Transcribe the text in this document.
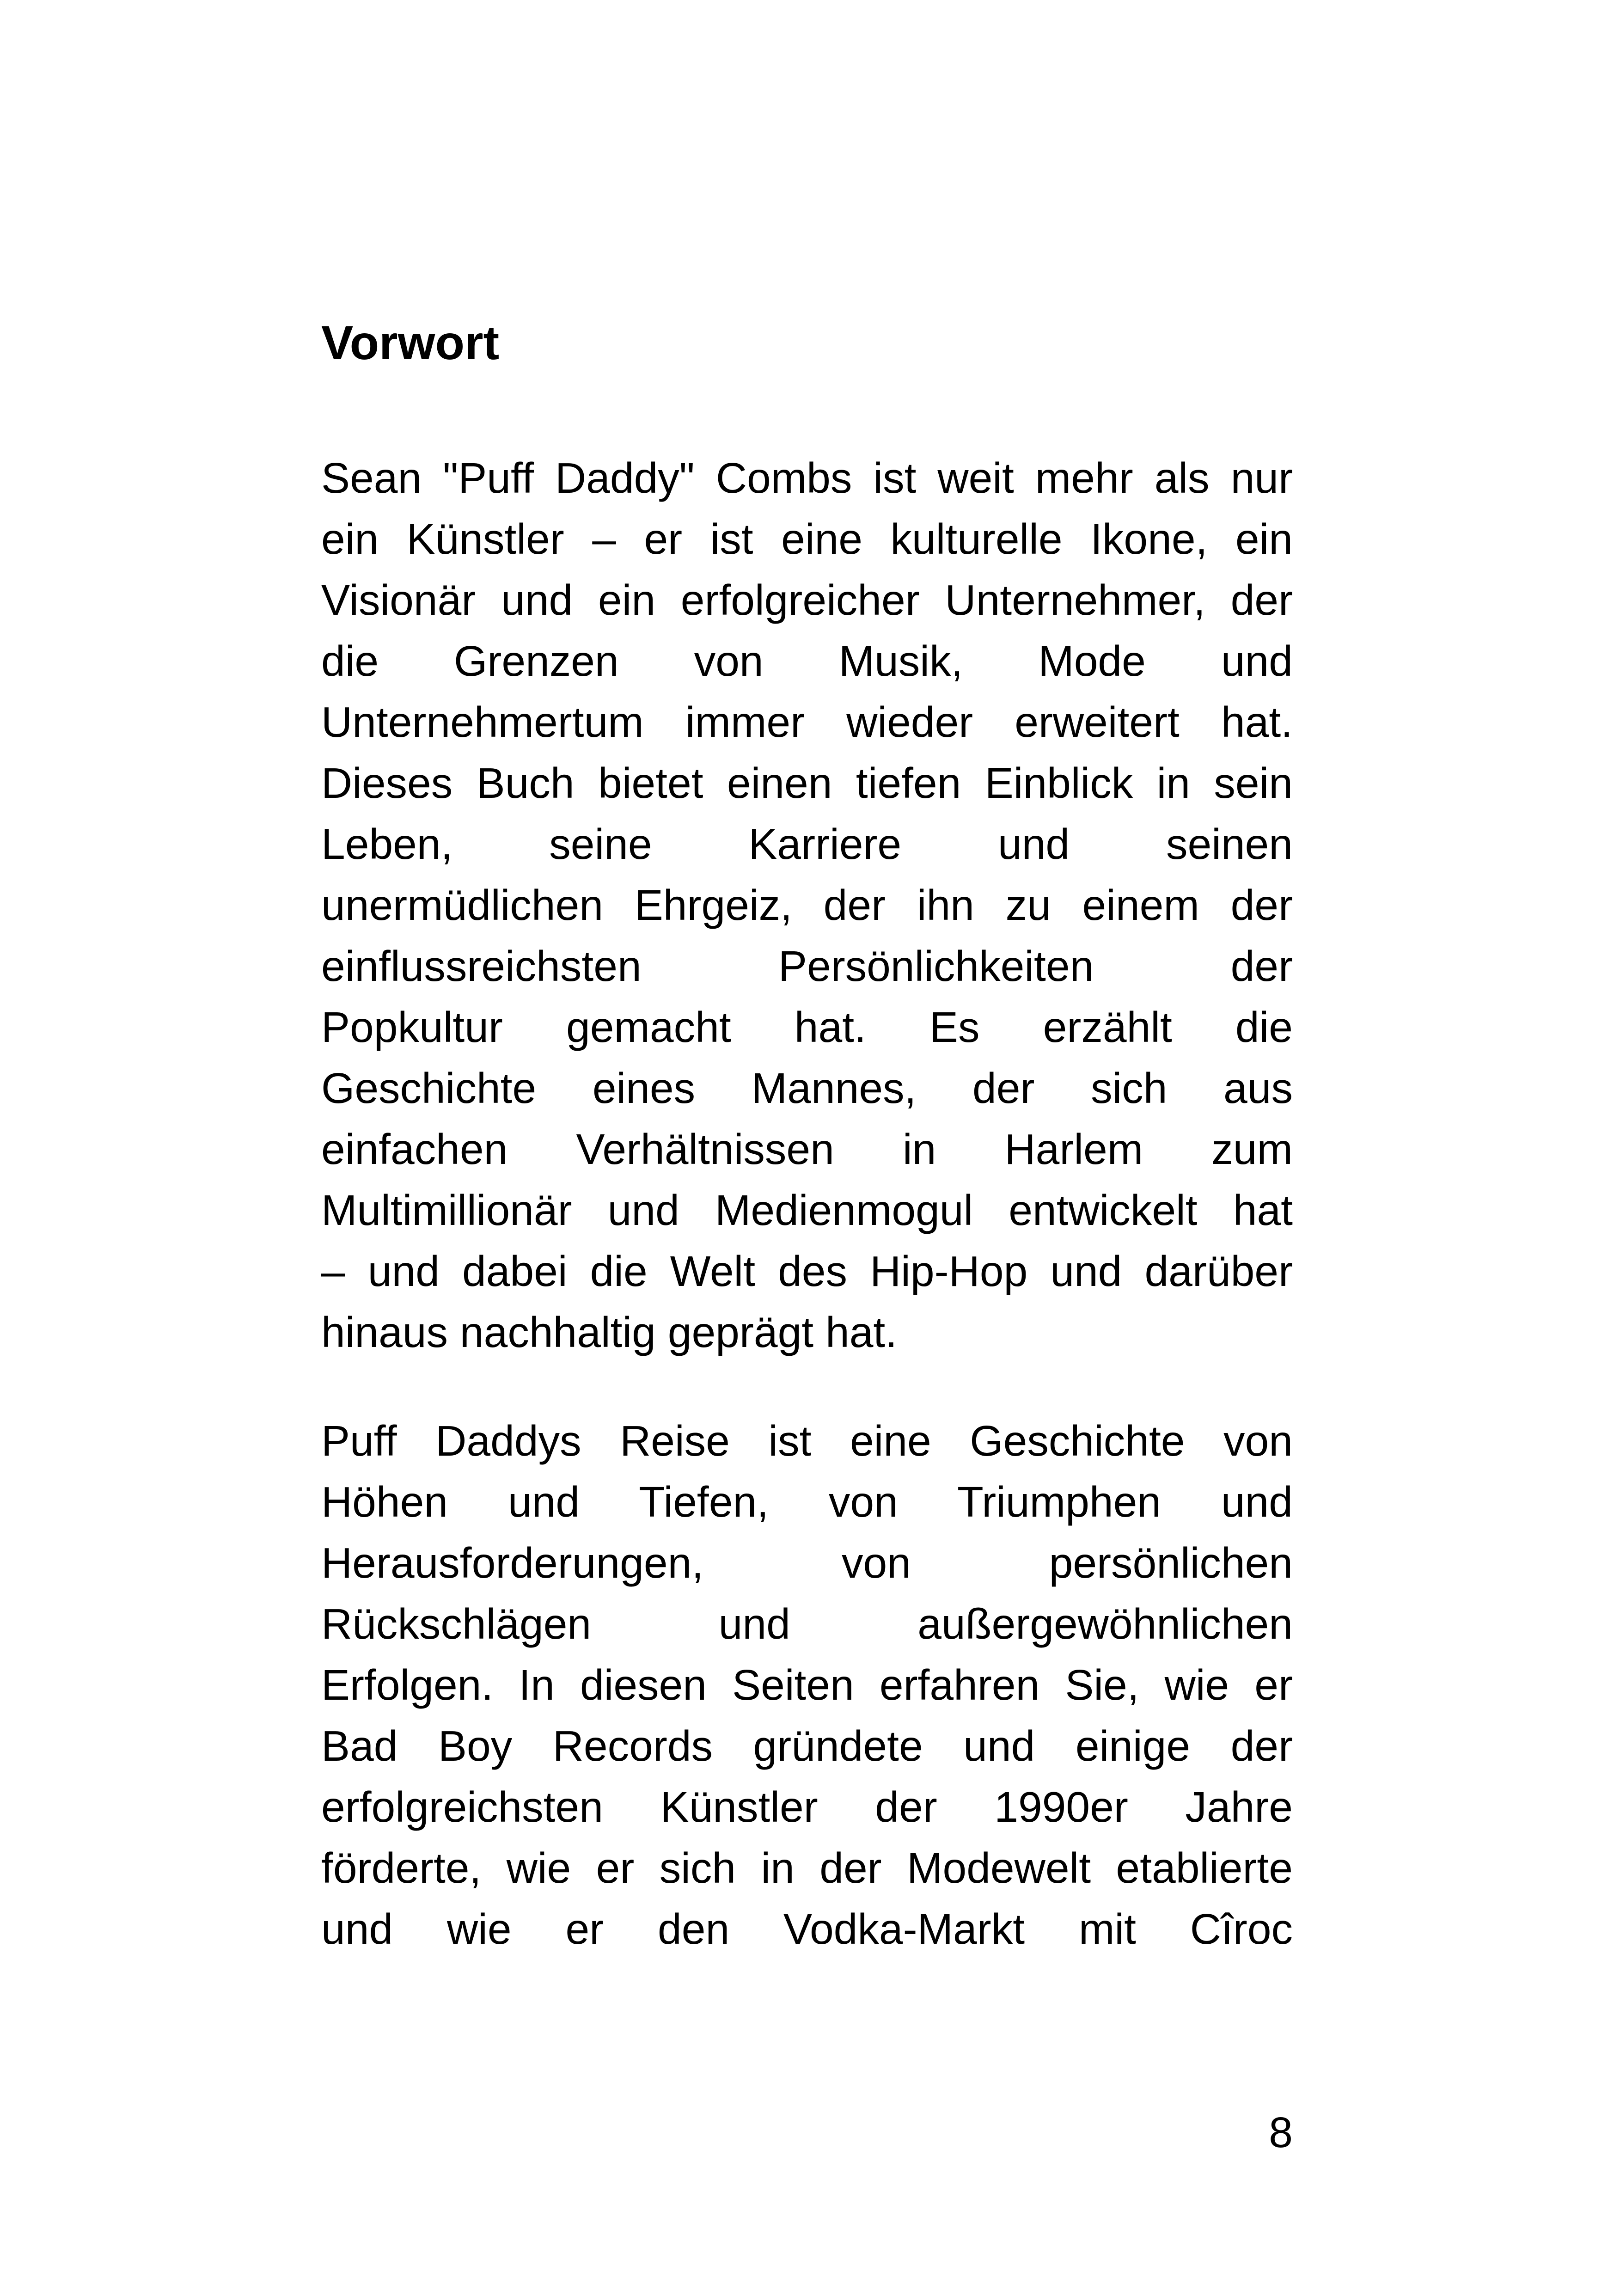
Vorwort
Sean "Puff Daddy" Combs ist weit mehr als nur
ein Künstler – er ist eine kulturelle Ikone, ein
Visionär und ein erfolgreicher Unternehmer, der
die Grenzen von Musik, Mode und
Unternehmertum immer wieder erweitert hat.
Dieses Buch bietet einen tiefen Einblick in sein
Leben, seine Karriere und seinen
unermüdlichen Ehrgeiz, der ihn zu einem der
einflussreichsten Persönlichkeiten der
Popkultur gemacht hat. Es erzählt die
Geschichte eines Mannes, der sich aus
einfachen Verhältnissen in Harlem zum
Multimillionär und Medienmogul entwickelt hat
– und dabei die Welt des Hip-Hop und darüber
hinaus nachhaltig geprägt hat.
Puff Daddys Reise ist eine Geschichte von
Höhen und Tiefen, von Triumphen und
Herausforderungen, von persönlichen
Rückschlägen und außergewöhnlichen
Erfolgen. In diesen Seiten erfahren Sie, wie er
Bad Boy Records gründete und einige der
erfolgreichsten Künstler der 1990er Jahre
förderte, wie er sich in der Modewelt etablierte
und wie er den Vodka-Markt mit Cîroc

8
